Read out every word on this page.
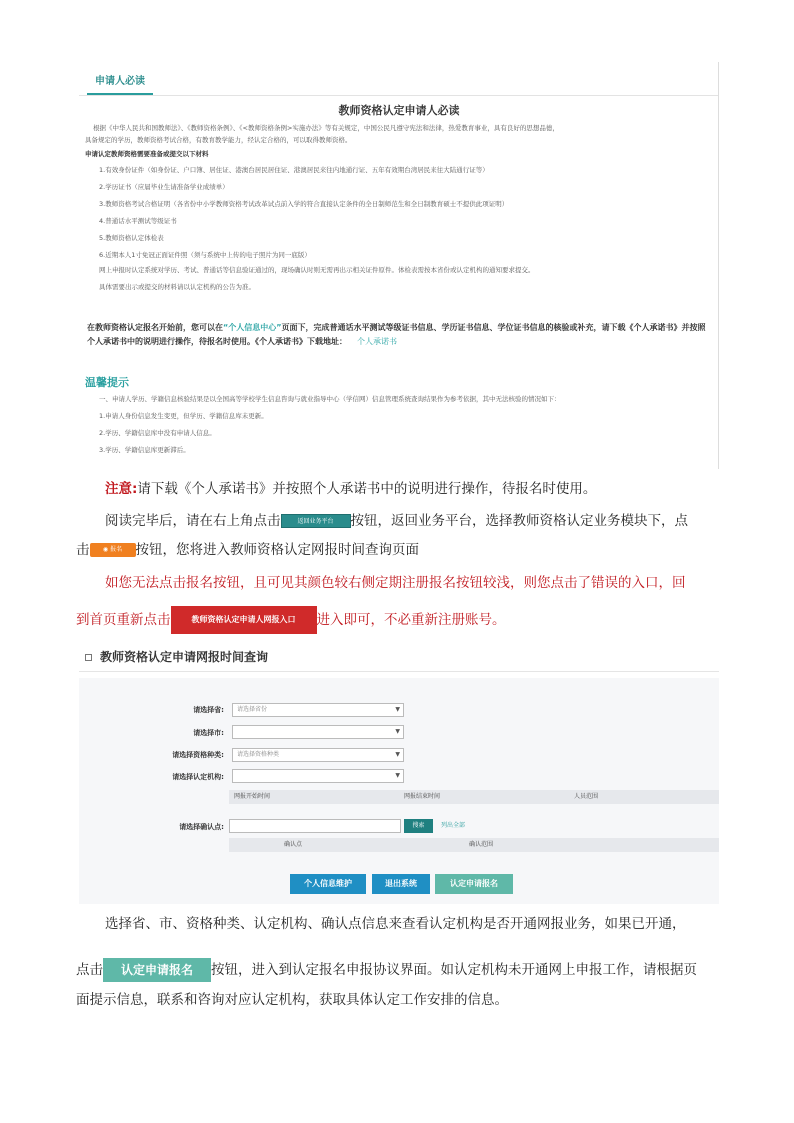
申请人必读
教师资格认定申请人必读
根据《中华人民共和国教师法》、《教师资格条例》、《<教师资格条例>实施办法》等有关规定，中国公民凡遵守宪法和法律，热爱教育事业，具有良好的思想品德，
具备规定的学历，教师资格考试合格，有教育教学能力，经认定合格的，可以取得教师资格。
申请认定教师资格需要准备或提交以下材料
1.有效身份证件（如身份证、户口簿、居住证、港澳台居民居住证、港澳居民来往内地通行证、五年有效期台湾居民来往大陆通行证等）
2.学历证书（应届毕业生请准备学业成绩单）
3.教师资格考试合格证明（各省份中小学教师资格考试改革试点前入学的符合直接认定条件的全日制师范生和全日制教育硕士不提供此项证明）
4.普通话水平测试等级证书
5.教师资格认定体检表
6.近期本人1寸免冠正面证件照（须与系统中上传的电子照片为同一底版）
网上申报时认定系统对学历、考试、普通话等信息验证通过的，现场确认时则无需再出示相关证件原件。体检表需按本省份或认定机构的通知要求提交。
具体需要出示或提交的材料请以认定机构的公告为准。
在教师资格认定报名开始前，您可以在“个人信息中心”页面下，完成普通话水平测试等级证书信息、学历证书信息、学位证书信息的核验或补充，请下载《个人承诺书》并按照个人承诺书中的说明进行操作，待报名时使用。《个人承诺书》下载地址： 个人承诺书
温馨提示
一、申请人学历、学籍信息核验结果是以全国高等学校学生信息咨询与就业指导中心（学信网）信息管理系统查询结果作为参考依据，其中无法核验的情况如下：
1.申请人身份信息发生变更，但学历、学籍信息库未更新。
2.学历、学籍信息库中没有申请人信息。
3.学历、学籍信息库更新滞后。
注意:请下载《个人承诺书》并按照个人承诺书中的说明进行操作，待报名时使用。
阅读完毕后，请在右上角点击	返回业务平台 按钮，返回业务平台，选择教师资格认定业务模块下，点
击 ◉ 报名 按钮，您将进入教师资格认定网报时间查询页面
如您无法点击报名按钮，且可见其颜色较右侧定期注册报名按钮较浅，则您点击了错误的入口，回
到首页重新点击	教师资格认定申请人网报入口 进入即可，不必重新注册账号。
教师资格认定申请网报时间查询
请选择省:	请选择省份	▼
请选择市:	▼
请选择资格种类:	请选择资格种类	▼
请选择认定机构:	▼
网报开始时间	网报结束时间	人员范围
请选择确认点:	搜索	列出全部
确认点	确认范围
个人信息维护	退出系统	认定申请报名
选择省、市、资格种类、认定机构、确认点信息来查看认定机构是否开通网报业务，如果已开通，
点击 认定申请报名 按钮，进入到认定报名申报协议界面。如认定机构未开通网上申报工作，请根据页
面提示信息，联系和咨询对应认定机构，获取具体认定工作安排的信息。
